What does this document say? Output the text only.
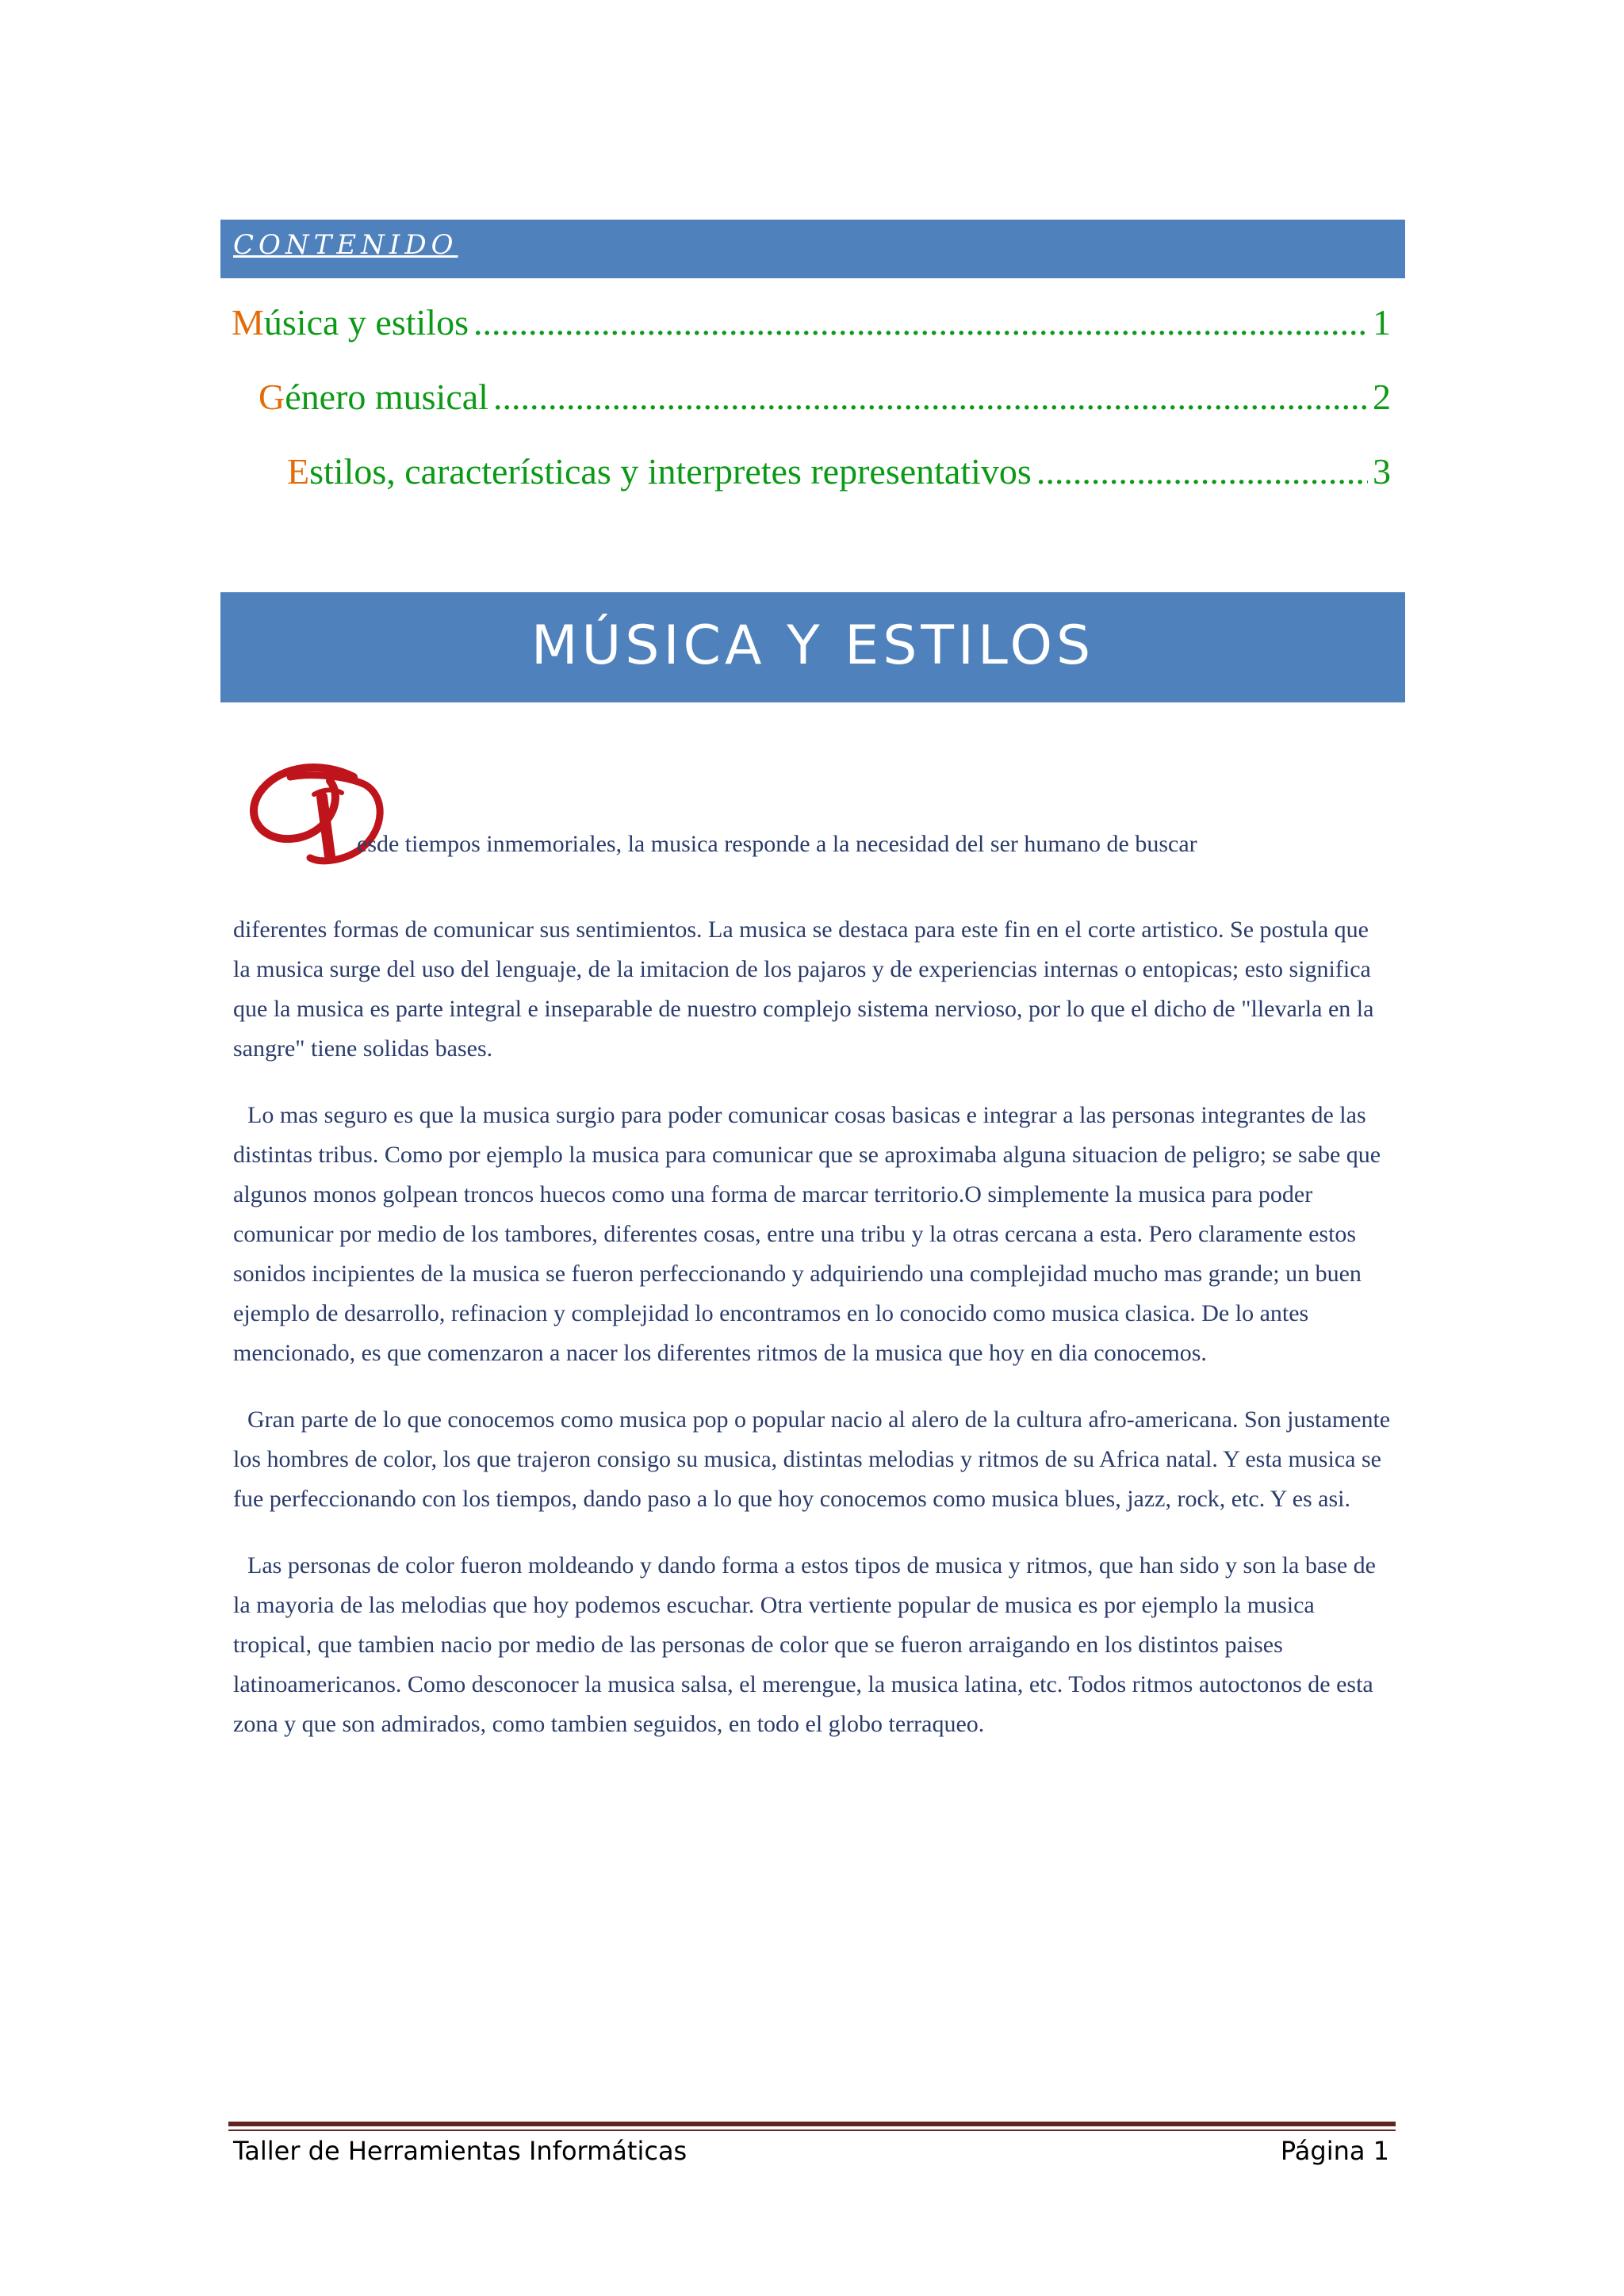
CONTENIDO
M úsica y estilos .....	1
G énero musical .....	2
E stilos, características y interpretes representativos .....	3
MÚSICA Y ESTILOS
esde tiempos inmemoriales, la musica responde a la necesidad del ser humano de buscar

diferentes formas de comunicar sus sentimientos. La musica se destaca para este fin en el corte artistico. Se postula que la musica surge del uso del lenguaje, de la imitacion de los pajaros y de experiencias internas o entopicas; esto significa que la musica es parte integral e inseparable de nuestro complejo sistema nervioso, por lo que el dicho de "llevarla en la sangre" tiene solidas bases.

Lo mas seguro es que la musica surgio para poder comunicar cosas basicas e integrar a las personas integrantes de las distintas tribus. Como por ejemplo la musica para comunicar que se aproximaba alguna situacion de peligro; se sabe que algunos monos golpean troncos huecos como una forma de marcar territorio.O simplemente la musica para poder comunicar por medio de los tambores, diferentes cosas, entre una tribu y la otras cercana a esta. Pero claramente estos sonidos incipientes de la musica se fueron perfeccionando y adquiriendo una complejidad mucho mas grande; un buen ejemplo de desarrollo, refinacion y complejidad lo encontramos en lo conocido como musica clasica. De lo antes mencionado, es que comenzaron a nacer los diferentes ritmos de la musica que hoy en dia conocemos.

Gran parte de lo que conocemos como musica pop o popular nacio al alero de la cultura afro-americana. Son justamente los hombres de color, los que trajeron consigo su musica, distintas melodias y ritmos de su Africa natal. Y esta musica se fue perfeccionando con los tiempos, dando paso a lo que hoy conocemos como musica blues, jazz, rock, etc. Y es asi.

Las personas de color fueron moldeando y dando forma a estos tipos de musica y ritmos, que han sido y son la base de la mayoria de las melodias que hoy podemos escuchar. Otra vertiente popular de musica es por ejemplo la musica tropical, que tambien nacio por medio de las personas de color que se fueron arraigando en los distintos paises latinoamericanos. Como desconocer la musica salsa, el merengue, la musica latina, etc. Todos ritmos autoctonos de esta zona y que son admirados, como tambien seguidos, en todo el globo terraqueo.

Taller de Herramientas Informáticas	Página 1
